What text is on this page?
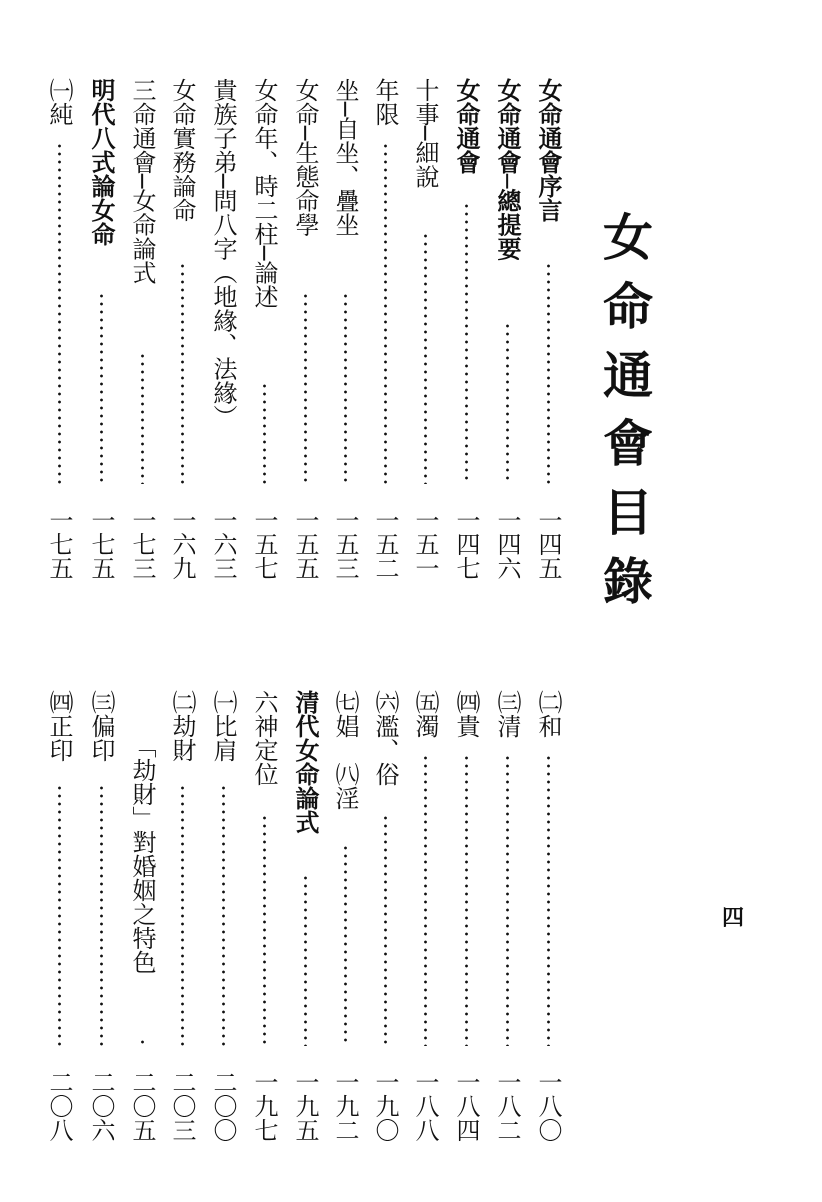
女
命
通
會
目
錄
四
女命通會序言
一四五
女命通會─總提要
一四六
女命通會
一四七
十事─細說
一五一
年限
一五二
坐─自坐、疊坐
一五三
女命─生態命學
一五五
女命年、時二柱─論述
一五七
貴族子弟─問八字（地緣、法緣）
一六三
女命實務論命
一六九
三命通會─女命論式
一七三
明代八式論女命
一七五
㈠純
一七五
㈡和
一八〇
㈢清
一八二
㈣貴
一八四
㈤濁
一八八
㈥濫、俗
一九〇
㈦娼　㈧淫
一九二
清代女命論式
一九五
六神定位
一九七
㈠比肩
二〇〇
㈡劫財
二〇三
「劫財」對婚姻之特色
二〇五
㈢偏印
二〇六
㈣正印
二〇八
